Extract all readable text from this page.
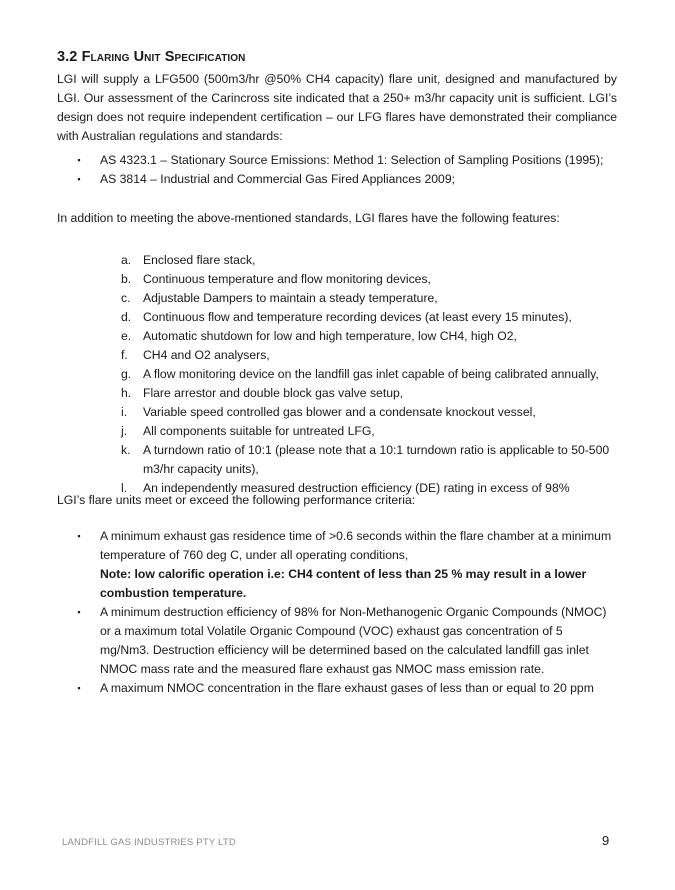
3.2 Flaring Unit Specification

LGI will supply a LFG500 (500m3/hr @50% CH4 capacity) flare unit, designed and manufactured by LGI. Our assessment of the Carincross site indicated that a 250+ m3/hr capacity unit is sufficient. LGI’s design does not require independent certification – our LFG flares have demonstrated their compliance with Australian regulations and standards:

▪ AS 4323.1 – Stationary Source Emissions: Method 1: Selection of Sampling Positions (1995);
▪ AS 3814 – Industrial and Commercial Gas Fired Appliances 2009;

In addition to meeting the above-mentioned standards, LGI flares have the following features:

a. Enclosed flare stack,
b. Continuous temperature and flow monitoring devices,
c. Adjustable Dampers to maintain a steady temperature,
d. Continuous flow and temperature recording devices (at least every 15 minutes),
e. Automatic shutdown for low and high temperature, low CH4, high O2,
f. CH4 and O2 analysers,
g. A flow monitoring device on the landfill gas inlet capable of being calibrated annually,
h. Flare arrestor and double block gas valve setup,
i. Variable speed controlled gas blower and a condensate knockout vessel,
j. All components suitable for untreated LFG,
k. A turndown ratio of 10:1 (please note that a 10:1 turndown ratio is applicable to 50-500 m3/hr capacity units),
l. An independently measured destruction efficiency (DE) rating in excess of 98%

LGI’s flare units meet or exceed the following performance criteria:

▪ A minimum exhaust gas residence time of >0.6 seconds within the flare chamber at a minimum temperature of 760 deg C, under all operating conditions,
Note: low calorific operation i.e: CH4 content of less than 25 % may result in a lower combustion temperature.
▪ A minimum destruction efficiency of 98% for Non-Methanogenic Organic Compounds (NMOC) or a maximum total Volatile Organic Compound (VOC) exhaust gas concentration of 5 mg/Nm3. Destruction efficiency will be determined based on the calculated landfill gas inlet NMOC mass rate and the measured flare exhaust gas NMOC mass emission rate.
▪ A maximum NMOC concentration in the flare exhaust gases of less than or equal to 20 ppm
LANDFILL GAS INDUSTRIES PTY LTD	9
